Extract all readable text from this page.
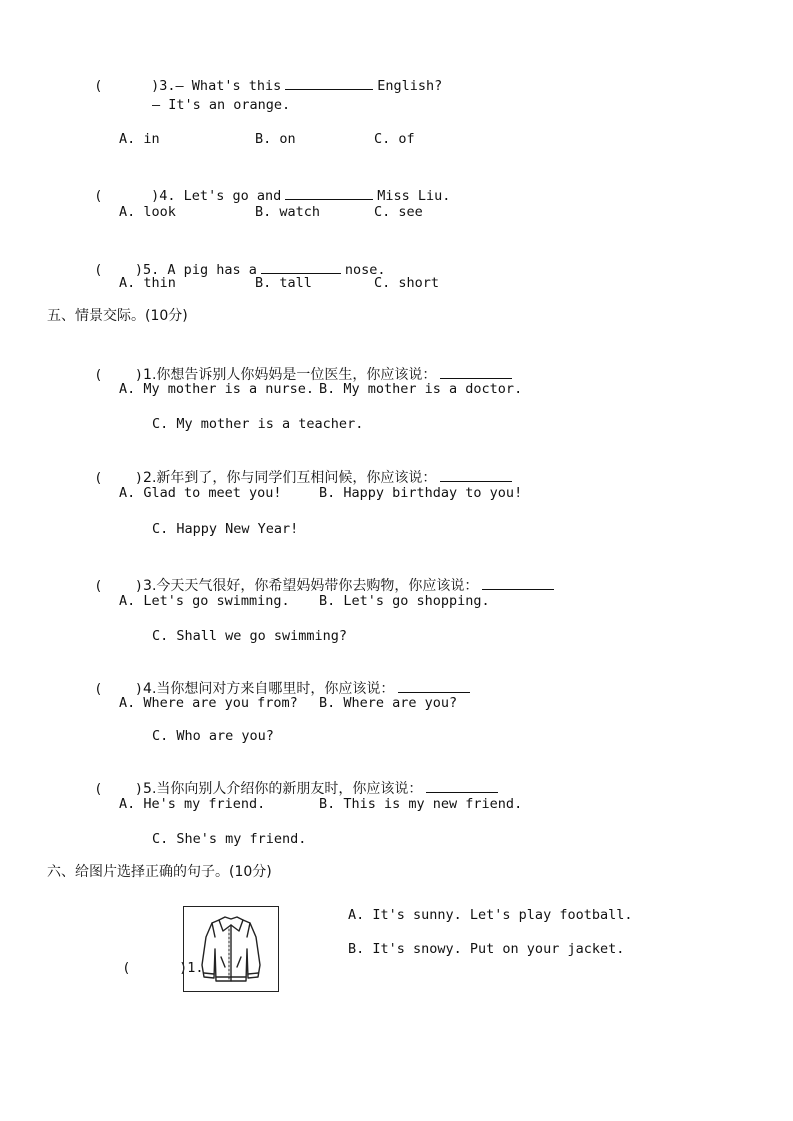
(      )3.— What's this	English?

— It's an orange.
A. in	B. on	C. of

(      )4. Let's go and	Miss Liu.

A. look	B. watch	C. see

(    )5. A pig has a	nose.

A. thin	B. tall	C. short
五、情景交际。(10分)

(    )1.你想告诉别人你妈妈是一位医生，你应该说：

A. My mother is a nurse. B. My mother is a doctor.
C. My mother is a teacher.

(    )2.新年到了，你与同学们互相问候，你应该说：

A. Glad to meet you!	B. Happy birthday to you!
C. Happy New Year!

(    )3.今天天气很好，你希望妈妈带你去购物，你应该说：

A. Let's go swimming. B. Let's go shopping.
C. Shall we go swimming?

(    )4.当你想问对方来自哪里时，你应该说：

A. Where are you from? B. Where are you?
C. Who are you?

(    )5.当你向别人介绍你的新朋友时，你应该说：

A. He's my friend.	B. This is my new friend.
C. She's my friend.
六、给图片选择正确的句子。(10分)

(      )1.

A. It's sunny. Let's play football.
B. It's snowy. Put on your jacket.
